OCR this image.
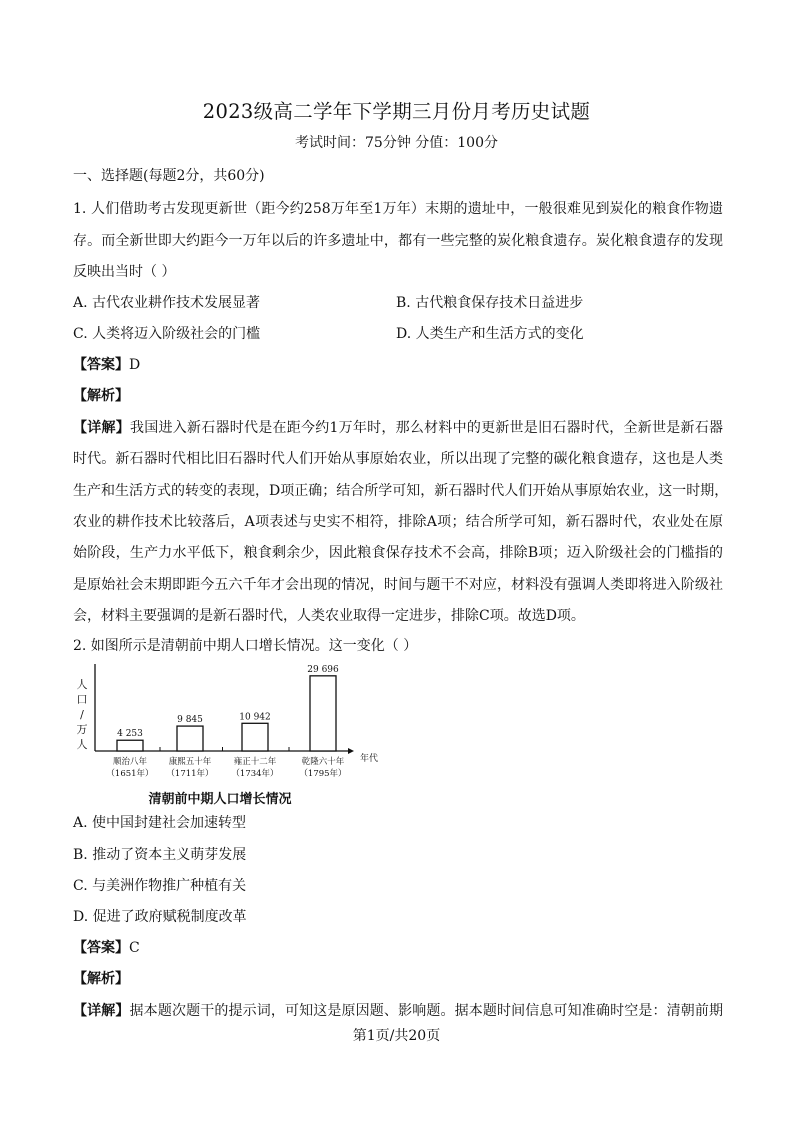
2023级高二学年下学期三月份月考历史试题
考试时间：75分钟 分值：100分
一、选择题(每题2分，共60分)
1. 人们借助考古发现更新世（距今约258万年至1万年）末期的遗址中，一般很难见到炭化的粮食作物遗
存。而全新世即大约距今一万年以后的许多遗址中，都有一些完整的炭化粮食遗存。炭化粮食遗存的发现
反映出当时（ ）
A. 古代农业耕作技术发展显著	B. 古代粮食保存技术日益进步
C. 人类将迈入阶级社会的门槛	D. 人类生产和生活方式的变化
【答案】D
【解析】
【详解】我国进入新石器时代是在距今约1万年时，那么材料中的更新世是旧石器时代，全新世是新石器
时代。新石器时代相比旧石器时代人们开始从事原始农业，所以出现了完整的碳化粮食遗存，这也是人类
生产和生活方式的转变的表现，D项正确；结合所学可知，新石器时代人们开始从事原始农业，这一时期，
农业的耕作技术比较落后，A项表述与史实不相符，排除A项；结合所学可知，新石器时代，农业处在原
始阶段，生产力水平低下，粮食剩余少，因此粮食保存技术不会高，排除B项；迈入阶级社会的门槛指的
是原始社会末期即距今五六千年才会出现的情况，时间与题干不对应，材料没有强调人类即将进入阶级社
会，材料主要强调的是新石器时代，人类农业取得一定进步，排除C项。故选D项。
2. 如图所示是清朝前中期人口增长情况。这一变化（ ）
人
口
/
万
人
年代
4 253
顺治八年
（1651年）
9 845
康熙五十年
（1711年）
10 942
雍正十二年
（1734年）
29 696
乾隆六十年
（1795年）
清朝前中期人口增长情况
A. 使中国封建社会加速转型
B. 推动了资本主义萌芽发展
C. 与美洲作物推广种植有关
D. 促进了政府赋税制度改革
【答案】C
【解析】
【详解】据本题次题干的提示词，可知这是原因题、影响题。据本题时间信息可知准确时空是：清朝前期
第1页/共20页
